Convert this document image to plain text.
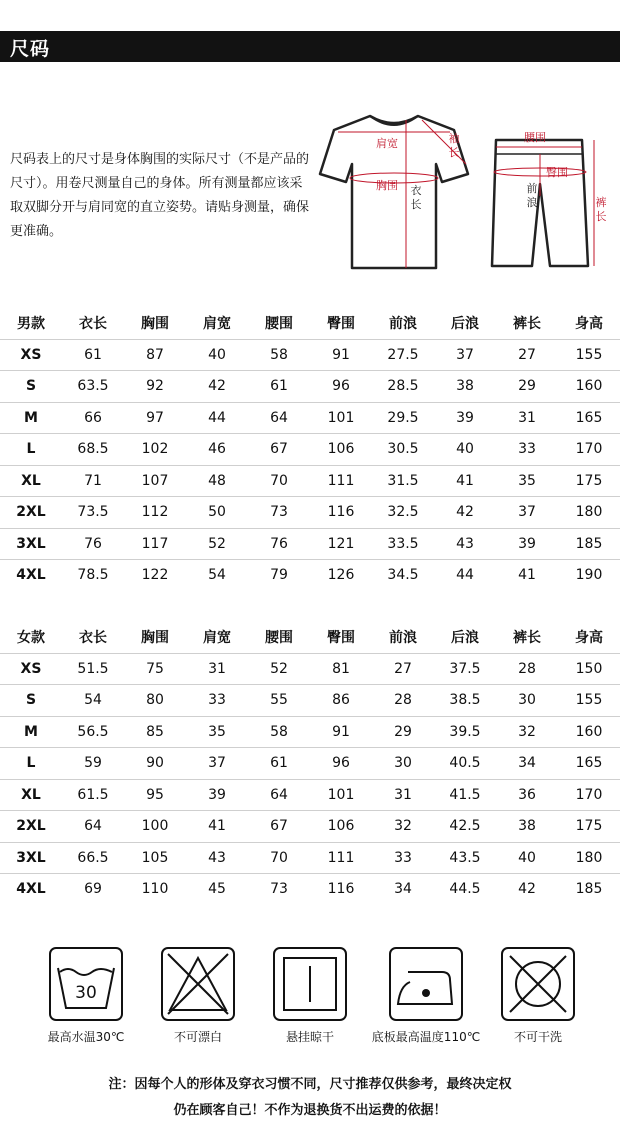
尺码
尺码表上的尺寸是身体胸围的实际尺寸（不是产品的尺寸）。用卷尺测量自己的身体。所有测量都应该采取双脚分开与肩同宽的直立姿势。请贴身测量，确保更准确。
肩宽
胸围
袖长
衣长
腰围
臀围
前浪	裤长
男款	衣长	胸围	肩宽	腰围	臀围	前浪	后浪	裤长	身高
XS	61	87	40	58	91	27.5	37	27	155
S	63.5	92	42	61	96	28.5	38	29	160
M	66	97	44	64	101	29.5	39	31	165
L	68.5	102	46	67	106	30.5	40	33	170
XL	71	107	48	70	111	31.5	41	35	175
2XL	73.5	112	50	73	116	32.5	42	37	180
3XL	76	117	52	76	121	33.5	43	39	185
4XL	78.5	122	54	79	126	34.5	44	41	190
女款	衣长	胸围	肩宽	腰围	臀围	前浪	后浪	裤长	身高
XS	51.5	75	31	52	81	27	37.5	28	150
S	54	80	33	55	86	28	38.5	30	155
M	56.5	85	35	58	91	29	39.5	32	160
L	59	90	37	61	96	30	40.5	34	165
XL	61.5	95	39	64	101	31	41.5	36	170
2XL	64	100	41	67	106	32	42.5	38	175
3XL	66.5	105	43	70	111	33	43.5	40	180
4XL	69	110	45	73	116	34	44.5	42	185
30
最高水温30℃	不可漂白	悬挂晾干	底板最高温度110℃	不可干洗
注：因每个人的形体及穿衣习惯不同，尺寸推荐仅供参考，最终决定权
仍在顾客自己！不作为退换货不出运费的依据！
